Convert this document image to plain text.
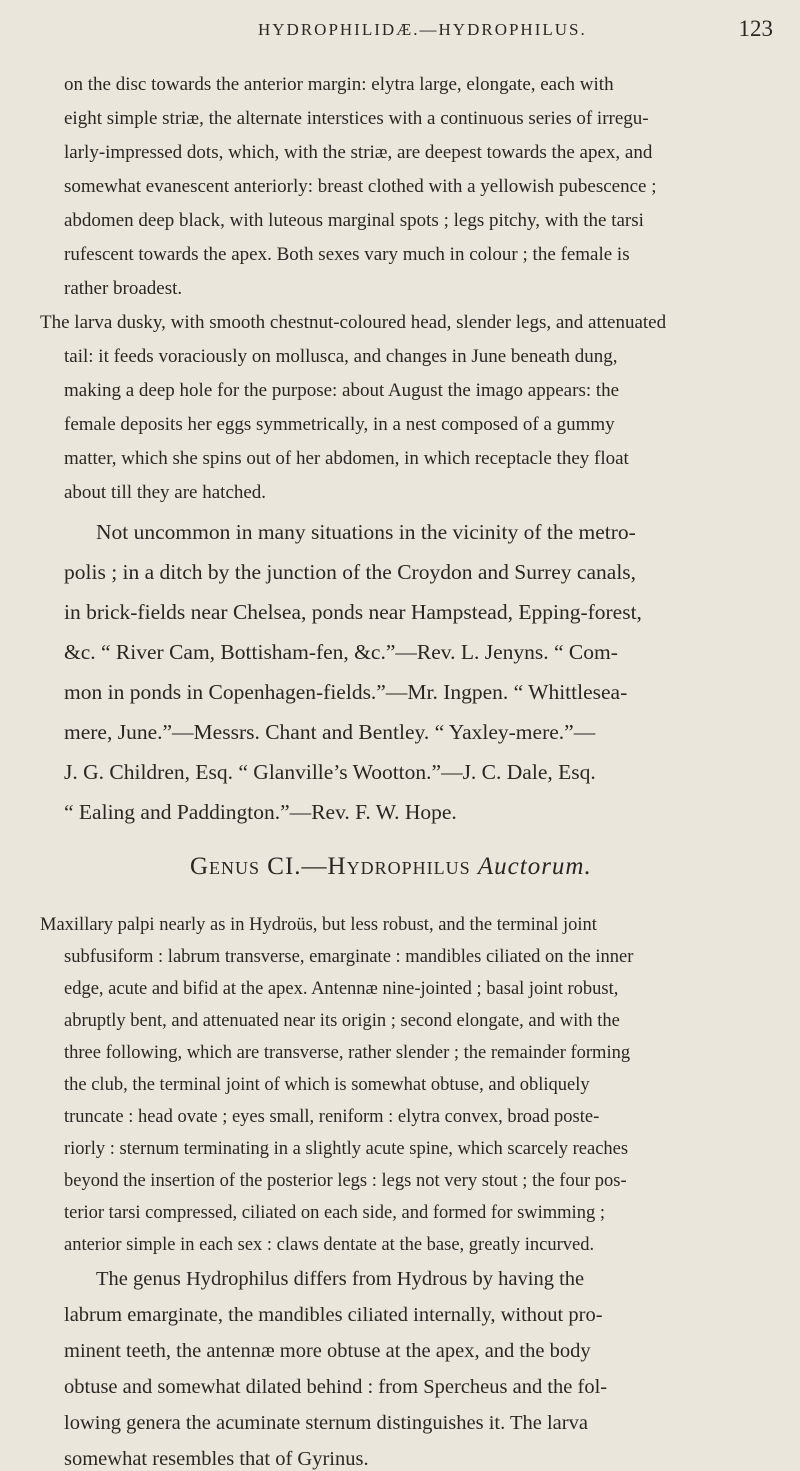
HYDROPHILIDÆ.—HYDROPHILUS.	123
on the disc towards the anterior margin: elytra large, elongate, each with
eight simple striæ, the alternate interstices with a continuous series of irregu-
larly-impressed dots, which, with the striæ, are deepest towards the apex, and
somewhat evanescent anteriorly: breast clothed with a yellowish pubescence ;
abdomen deep black, with luteous marginal spots ; legs pitchy, with the tarsi
rufescent towards the apex. Both sexes vary much in colour ; the female is
rather broadest.
The larva dusky, with smooth chestnut-coloured head, slender legs, and attenuated
tail: it feeds voraciously on mollusca, and changes in June beneath dung,
making a deep hole for the purpose: about August the imago appears: the
female deposits her eggs symmetrically, in a nest composed of a gummy
matter, which she spins out of her abdomen, in which receptacle they float
about till they are hatched.
Not uncommon in many situations in the vicinity of the metro-
polis ; in a ditch by the junction of the Croydon and Surrey canals,
in brick-fields near Chelsea, ponds near Hampstead, Epping-forest,
&c. “ River Cam, Bottisham-fen, &c.”—Rev. L. Jenyns. “ Com-
mon in ponds in Copenhagen-fields.”—Mr. Ingpen. “ Whittlesea-
mere, June.”—Messrs. Chant and Bentley. “ Yaxley-mere.”—
J. G. Children, Esq. “ Glanville’s Wootton.”—J. C. Dale, Esq.
“ Ealing and Paddington.”—Rev. F. W. Hope.
Genus CI.—Hydrophilus Auctorum.
Maxillary palpi nearly as in Hydroüs, but less robust, and the terminal joint
subfusiform : labrum transverse, emarginate : mandibles ciliated on the inner
edge, acute and bifid at the apex. Antennæ nine-jointed ; basal joint robust,
abruptly bent, and attenuated near its origin ; second elongate, and with the
three following, which are transverse, rather slender ; the remainder forming
the club, the terminal joint of which is somewhat obtuse, and obliquely
truncate : head ovate ; eyes small, reniform : elytra convex, broad poste-
riorly : sternum terminating in a slightly acute spine, which scarcely reaches
beyond the insertion of the posterior legs : legs not very stout ; the four pos-
terior tarsi compressed, ciliated on each side, and formed for swimming ;
anterior simple in each sex : claws dentate at the base, greatly incurved.
The genus Hydrophilus differs from Hydrous by having the
labrum emarginate, the mandibles ciliated internally, without pro-
minent teeth, the antennæ more obtuse at the apex, and the body
obtuse and somewhat dilated behind : from Spercheus and the fol-
lowing genera the acuminate sternum distinguishes it. The larva
somewhat resembles that of Gyrinus.
